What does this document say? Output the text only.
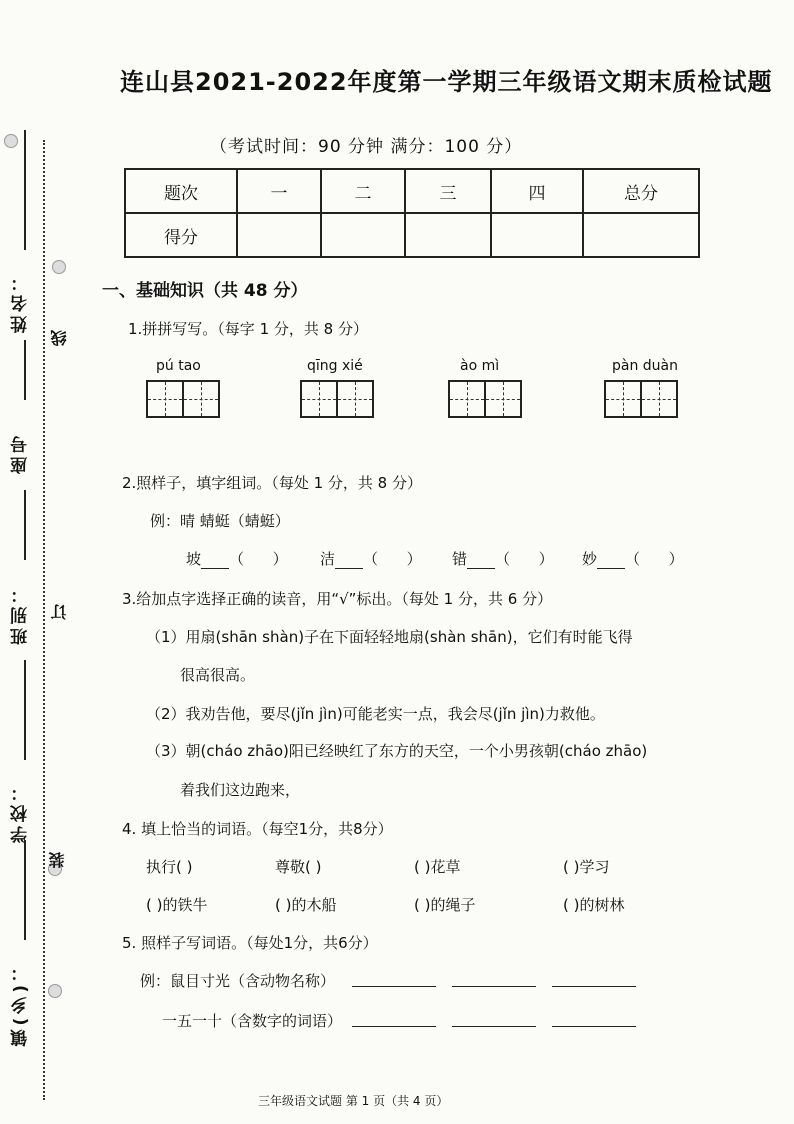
姓名：
座号
班别：
学校：
镇(乡)：
线
订
装
连山县2021-2022年度第一学期三年级语文期末质检试题
（考试时间：90 分钟 满分：100 分）
题次	一	二	三	四	总分
得分					
一、基础知识（共 48 分）
1.拼拼写写。（每字 1 分，共 8 分）
pú tao	qīng xié	ào mì	pàn duàn
2.照样子，填字组词。（每处 1 分，共 8 分）
例：晴 蜻蜓（蜻蜓）
坡 （      ） 洁 （      ） 错 （      ） 妙 （      ）
3.给加点字选择正确的读音，用“√”标出。（每处 1 分，共 6 分）
（1）用扇(shān shàn)子在下面轻轻地扇(shàn shān)，它们有时能飞得
很高很高。
（2）我劝告他，要尽(jǐn jìn)可能老实一点，我会尽(jǐn jìn)力救他。
（3）朝(cháo zhāo)阳已经映红了东方的天空，一个小男孩朝(cháo zhāo)
着我们这边跑来，
4. 填上恰当的词语。（每空1分，共8分）
执行( )	尊敬( )	( )花草	( )学习
( )的铁牛	( )的木船	( )的绳子	( )的树林
5. 照样子写词语。（每处1分，共6分）
例：鼠目寸光（含动物名称）
一五一十（含数字的词语）
三年级语文试题 第 1 页（共 4 页）
